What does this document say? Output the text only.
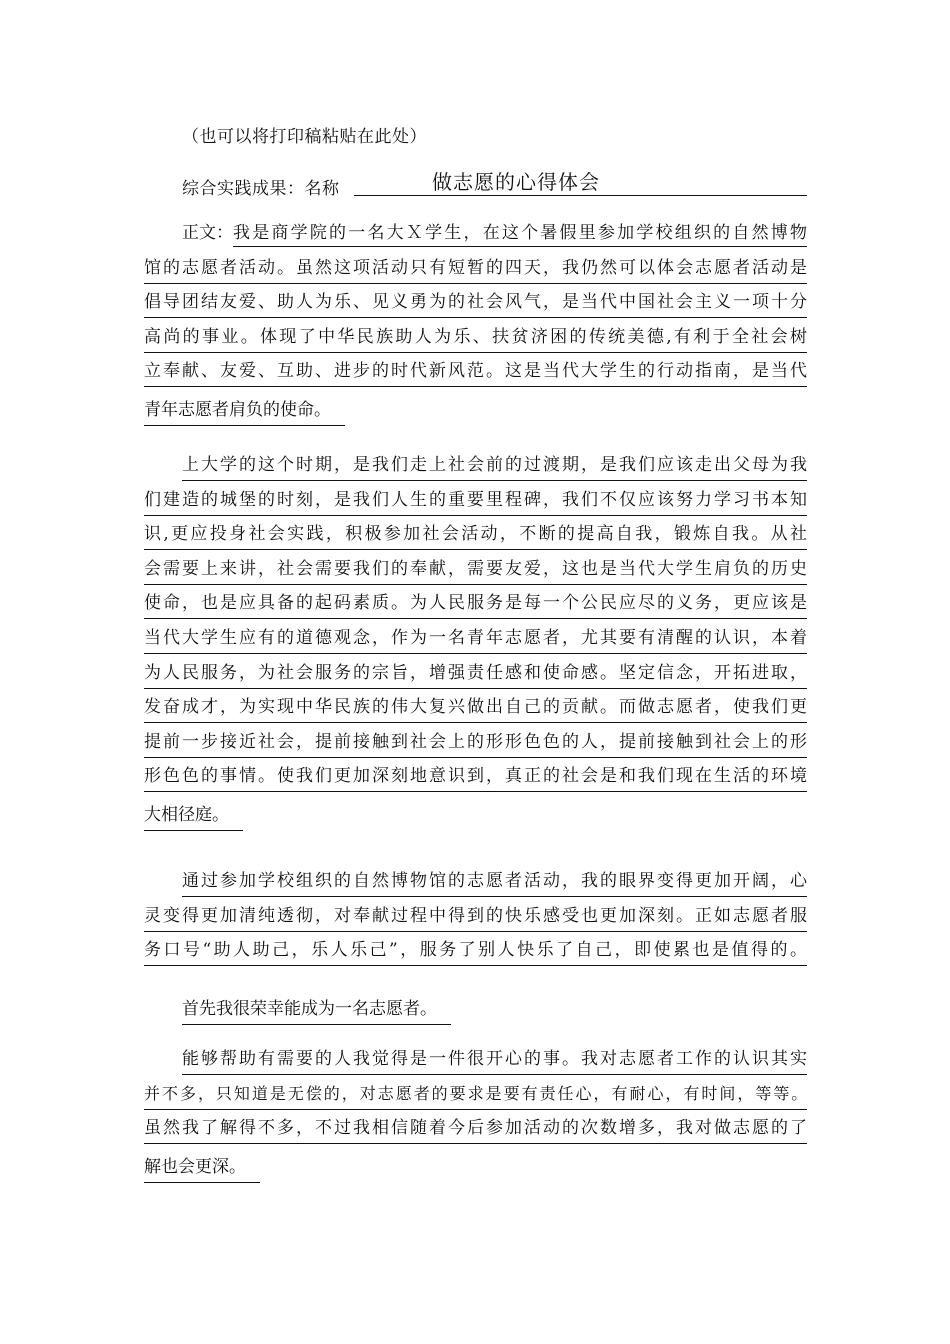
（也可以将打印稿粘贴在此处）
综合实践成果：名称	做志愿的心得体会
正文： 我是商学院的一名大Ｘ学生，在这个暑假里参加学校组织的自然博物
馆的志愿者活动。虽然这项活动只有短暂的四天，我仍然可以体会志愿者活动是
倡导团结友爱、助人为乐、见义勇为的社会风气，是当代中国社会主义一项十分
高尚的事业。体现了中华民族助人为乐、扶贫济困的传统美德,有利于全社会树
立奉献、友爱、互助、进步的时代新风范。这是当代大学生的行动指南，是当代
青年志愿者肩负的使命。
上大学的这个时期，是我们走上社会前的过渡期，是我们应该走出父母为我
们建造的城堡的时刻，是我们人生的重要里程碑，我们不仅应该努力学习书本知
识,更应投身社会实践，积极参加社会活动，不断的提高自我，锻炼自我。从社
会需要上来讲，社会需要我们的奉献，需要友爱，这也是当代大学生肩负的历史
使命，也是应具备的起码素质。为人民服务是每一个公民应尽的义务，更应该是
当代大学生应有的道德观念，作为一名青年志愿者，尤其要有清醒的认识，本着
为人民服务，为社会服务的宗旨，增强责任感和使命感。坚定信念，开拓进取，
发奋成才，为实现中华民族的伟大复兴做出自己的贡献。而做志愿者，使我们更
提前一步接近社会，提前接触到社会上的形形色色的人，提前接触到社会上的形
形色色的事情。使我们更加深刻地意识到，真正的社会是和我们现在生活的环境
大相径庭。
通过参加学校组织的自然博物馆的志愿者活动，我的眼界变得更加开阔，心
灵变得更加清纯透彻，对奉献过程中得到的快乐感受也更加深刻。正如志愿者服
务口号“助人助己，乐人乐己”，服务了别人快乐了自己，即使累也是值得的。
首先我很荣幸能成为一名志愿者。
能够帮助有需要的人我觉得是一件很开心的事。我对志愿者工作的认识其实
并不多，只知道是无偿的，对志愿者的要求是要有责任心，有耐心，有时间，等等。
虽然我了解得不多，不过我相信随着今后参加活动的次数增多，我对做志愿的了
解也会更深。
